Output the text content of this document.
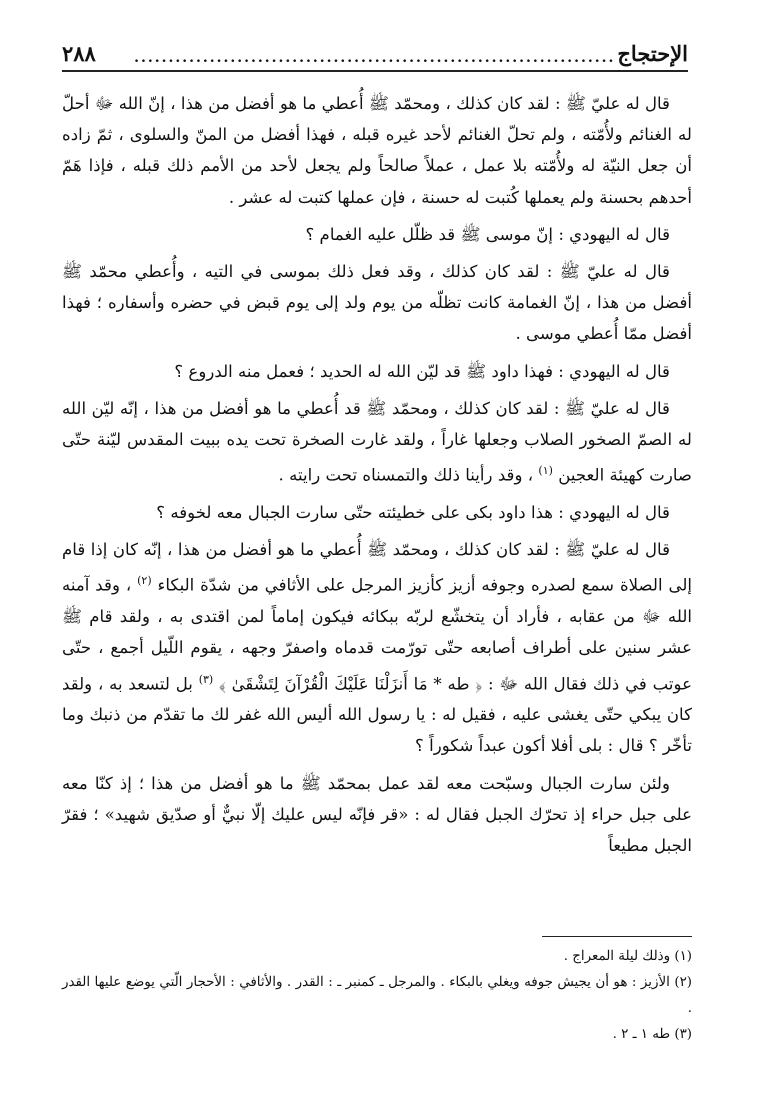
الإحتجاج
......................................................................
٢٨٨

قال له عليّ ﷺ : لقد كان كذلك ، ومحمّد ﷺ أُعطي ما هو أفضل من هذا ، إنّ الله ﷻ أحلّ له الغنائم ولأُمّته ، ولم تحلّ الغنائم لأحد غيره قبله ، فهذا أفضل من المنّ والسلوى ، ثمّ زاده أن جعل النيّة له ولأُمّته بلا عمل ، عملاً صالحاً ولم يجعل لأحد من الأمم ذلك قبله ، فإذا هَمّ أحدهم بحسنة ولم يعملها كُتبت له حسنة ، فإن عملها كتبت له عشر .

قال له اليهودي : إنّ موسى ﷺ قد ظلّل عليه الغمام ؟

قال له عليّ ﷺ : لقد كان كذلك ، وقد فعل ذلك بموسى في التيه ، وأُعطي محمّد ﷺ أفضل من هذا ، إنّ الغمامة كانت تظلّه من يوم ولد إلى يوم قبض في حضره وأسفاره ؛ فهذا أفضل ممّا أُعطي موسى .

قال له اليهودي : فهذا داود ﷺ قد ليّن الله له الحديد ؛ فعمل منه الدروع ؟

قال له عليّ ﷺ : لقد كان كذلك ، ومحمّد ﷺ قد أُعطي ما هو أفضل من هذا ، إنّه ليّن الله له الصمّ الصخور الصلاب وجعلها غاراً ، ولقد غارت الصخرة تحت يده ببيت المقدس ليّنة حتّى صارت كهيئة العجين $^{(١)}$ ، وقد رأينا ذلك والتمسناه تحت رايته .

قال له اليهودي : هذا داود بكى على خطيئته حتّى سارت الجبال معه لخوفه ؟

قال له عليّ ﷺ : لقد كان كذلك ، ومحمّد ﷺ أُعطي ما هو أفضل من هذا ، إنّه كان إذا قام إلى الصلاة سمع لصدره وجوفه أزيز كأزيز المرجل على الأثافي من شدّة البكاء $^{(٢)}$ ، وقد آمنه الله ﷻ من عقابه ، فأراد أن يتخشّع لربّه ببكائه فيكون إماماً لمن اقتدى به ، ولقد قام ﷺ عشر سنين على أطراف أصابعه حتّى تورّمت قدماه واصفرّ وجهه ، يقوم اللّيل أجمع ، حتّى عوتب في ذلك فقال الله ﷻ : ﴿ طه * مَا أَنزَلْنَا عَلَيْكَ الْقُرْآنَ لِتَشْقَىٰ ﴾ $^{(٣)}$ بل لتسعد به ، ولقد كان يبكي حتّى يغشى عليه ، فقيل له : يا رسول الله أليس الله غفر لك ما تقدّم من ذنبك وما تأخّر ؟ قال : بلى أفلا أكون عبداً شكوراً ؟

ولئن سارت الجبال وسبّحت معه لقد عمل بمحمّد ﷺ ما هو أفضل من هذا ؛ إذ كنّا معه على جبل حراء إذ تحرّك الجبل فقال له : «قر فإنّه ليس عليك إلّا نبيٌّ أو صدّيق شهيد» ؛ فقرّ الجبل مطيعاً

(١) وذلك ليلة المعراج .
(٢) الأزيز : هو أن يجيش جوفه ويغلي بالبكاء . والمرجل ـ كمنبر ـ : القدر . والأثافي : الأحجار الّتي يوضع عليها القدر .
(٣) طه ١ ـ ٢ .
